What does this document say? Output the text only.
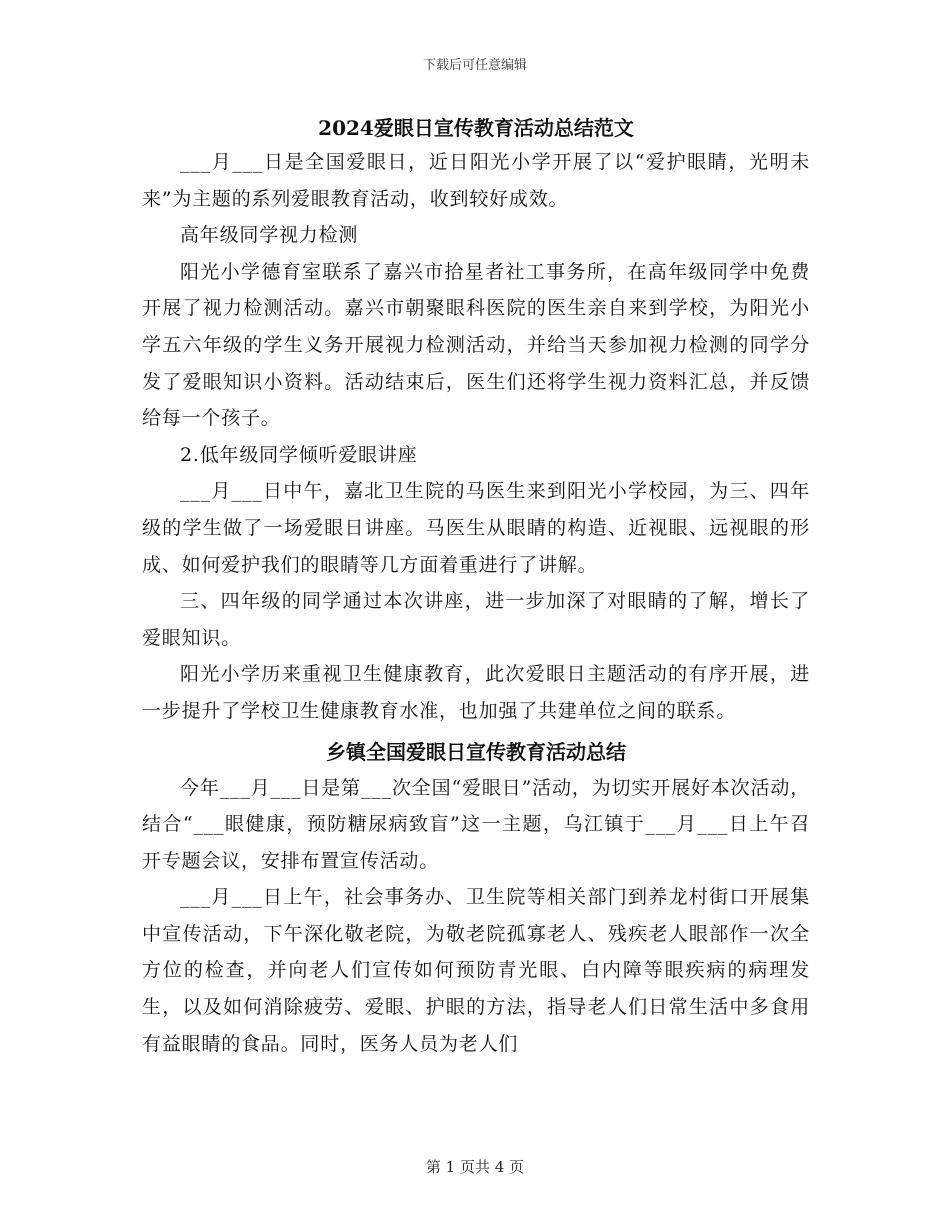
下载后可任意编辑
2024爱眼日宣传教育活动总结范文

___月___日是全国爱眼日，近日阳光小学开展了以“爱护眼睛，光明未来”为主题的系列爱眼教育活动，收到较好成效。

高年级同学视力检测

阳光小学德育室联系了嘉兴市拾星者社工事务所，在高年级同学中免费开展了视力检测活动。嘉兴市朝聚眼科医院的医生亲自来到学校，为阳光小学五六年级的学生义务开展视力检测活动，并给当天参加视力检测的同学分发了爱眼知识小资料。活动结束后，医生们还将学生视力资料汇总，并反馈给每一个孩子。

2.低年级同学倾听爱眼讲座

___月___日中午，嘉北卫生院的马医生来到阳光小学校园，为三、四年级的学生做了一场爱眼日讲座。马医生从眼睛的构造、近视眼、远视眼的形成、如何爱护我们的眼睛等几方面着重进行了讲解。

三、四年级的同学通过本次讲座，进一步加深了对眼睛的了解，增长了爱眼知识。

阳光小学历来重视卫生健康教育，此次爱眼日主题活动的有序开展，进一步提升了学校卫生健康教育水准，也加强了共建单位之间的联系。

乡镇全国爱眼日宣传教育活动总结

今年___月___日是第___次全国“爱眼日”活动，为切实开展好本次活动，结合“___眼健康，预防糖尿病致盲”这一主题，乌江镇于___月___日上午召开专题会议，安排布置宣传活动。

___月___日上午，社会事务办、卫生院等相关部门到养龙村街口开展集中宣传活动，下午深化敬老院，为敬老院孤寡老人、残疾老人眼部作一次全方位的检查，并向老人们宣传如何预防青光眼、白内障等眼疾病的病理发生，以及如何消除疲劳、爱眼、护眼的方法，指导老人们日常生活中多食用有益眼睛的食品。同时，医务人员为老人们

第 1 页共 4 页
